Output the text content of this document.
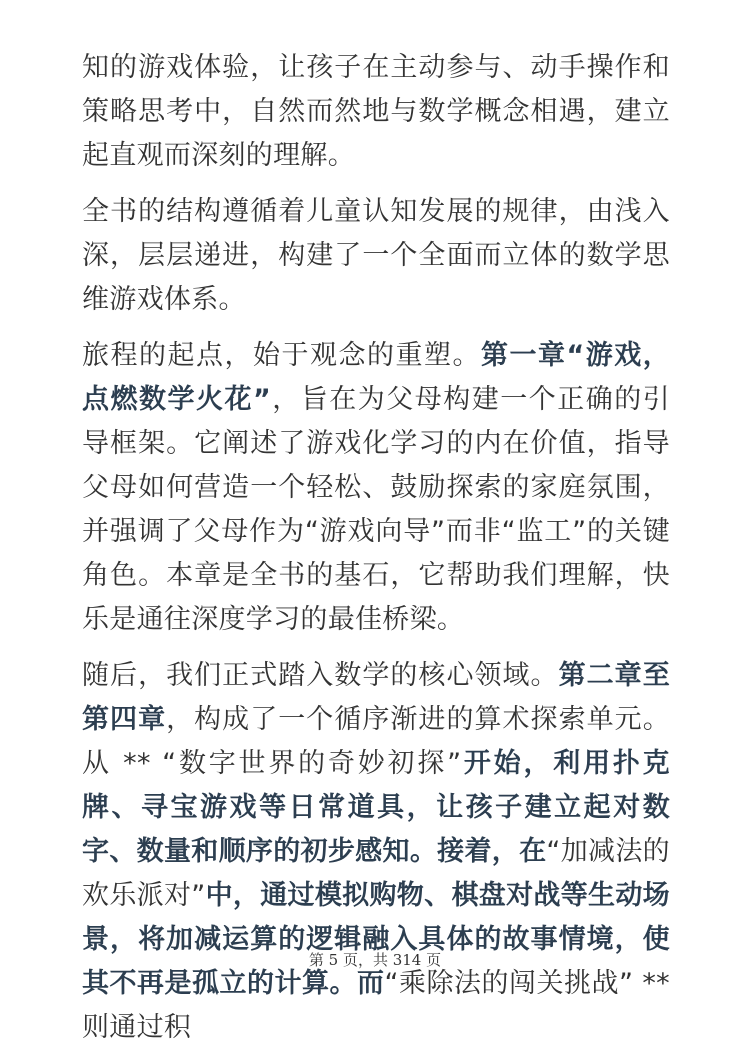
知的游戏体验，让孩子在主动参与、动手操作和策略思考中，自然而然地与数学概念相遇，建立起直观而深刻的理解。

全书的结构遵循着儿童认知发展的规律，由浅入深，层层递进，构建了一个全面而立体的数学思维游戏体系。

旅程的起点，始于观念的重塑。第一章“游戏，点燃数学火花”，旨在为父母构建一个正确的引导框架。它阐述了游戏化学习的内在价值，指导父母如何营造一个轻松、鼓励探索的家庭氛围，并强调了父母作为“游戏向导”而非“监工”的关键角色。本章是全书的基石，它帮助我们理解，快乐是通往深度学习的最佳桥梁。

随后，我们正式踏入数学的核心领域。第二章至第四章，构成了一个循序渐进的算术探索单元。从 ** “数字世界的奇妙初探”开始，利用扑克牌、寻宝游戏等日常道具，让孩子建立起对数字、数量和顺序的初步感知。接着，在“加减法的欢乐派对”中，通过模拟购物、棋盘对战等生动场景，将加减运算的逻辑融入具体的故事情境，使其不再是孤立的计算。而“乘除法的闯关挑战” **则通过积

第 5 页，共 314 页
